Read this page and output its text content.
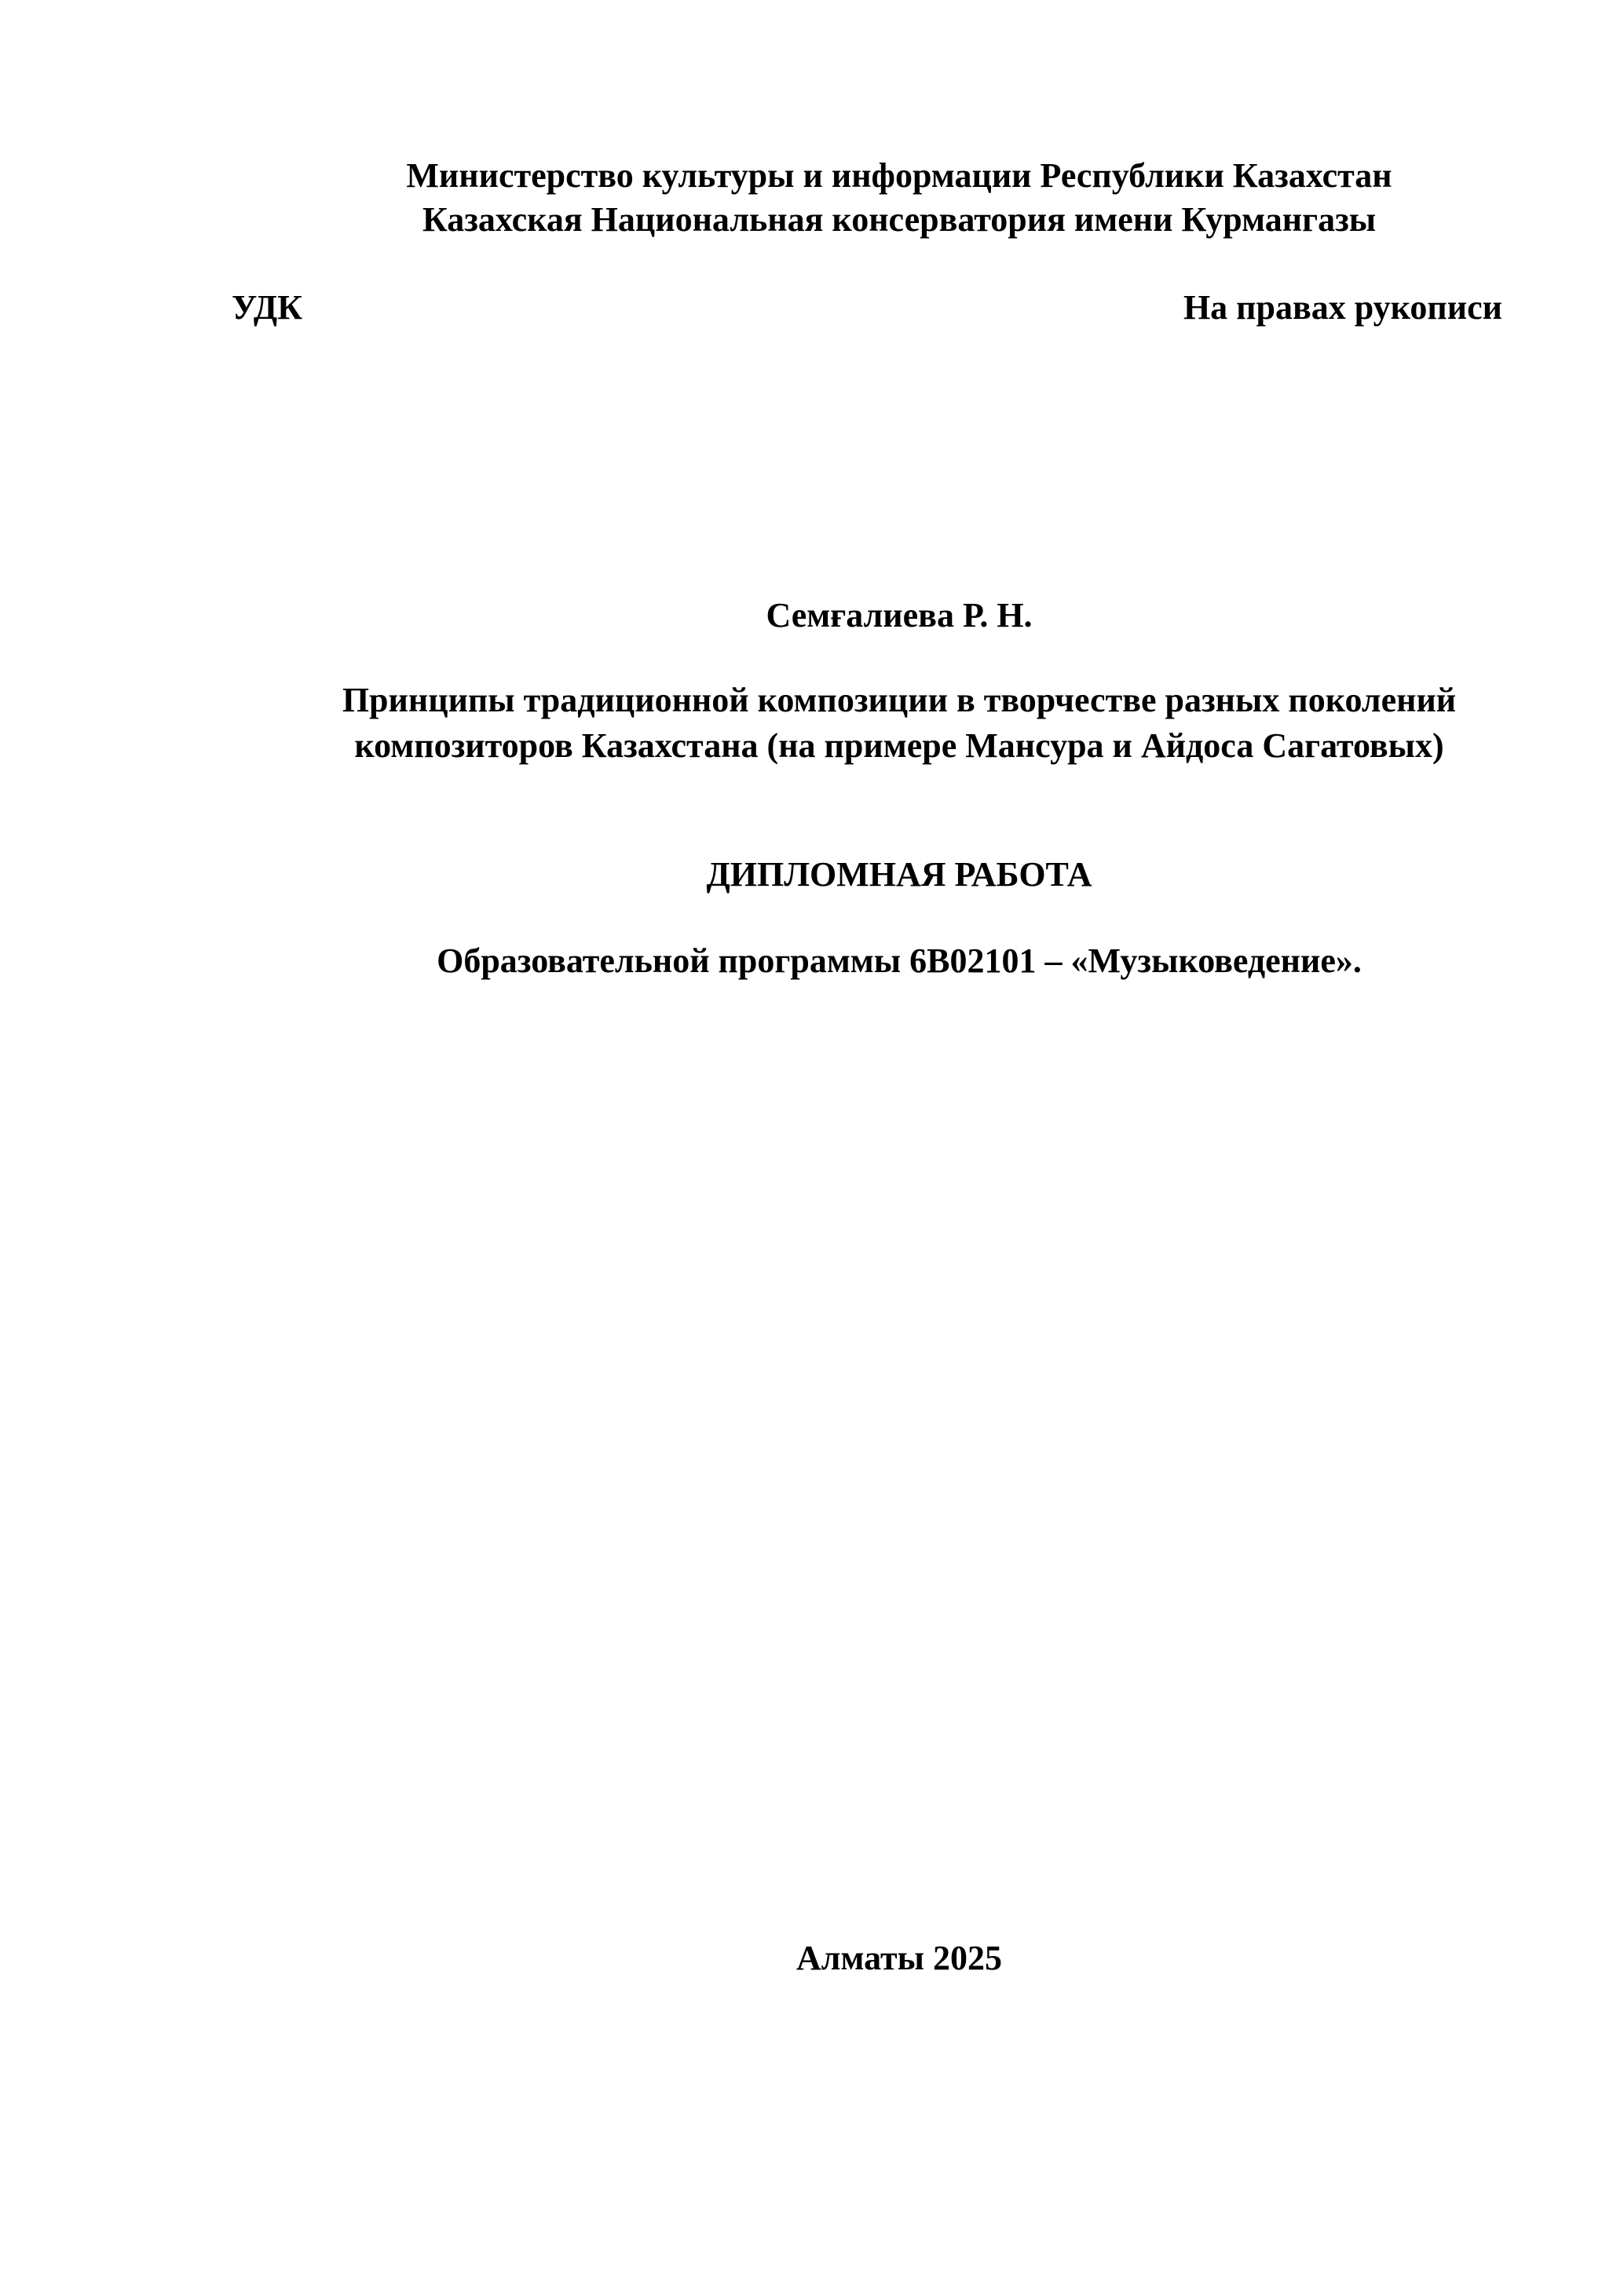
Министерство культуры и информации Республики Казахстан
Казахская Национальная консерватория имени Курмангазы
УДК	На правах рукописи
Семғалиева Р. Н.
Принципы традиционной композиции в творчестве разных поколений
композиторов Казахстана (на примере Мансура и Айдоса Сагатовых)
ДИПЛОМНАЯ РАБОТА
Образовательной программы 6В02101 – «Музыковедение».
Алматы 2025
